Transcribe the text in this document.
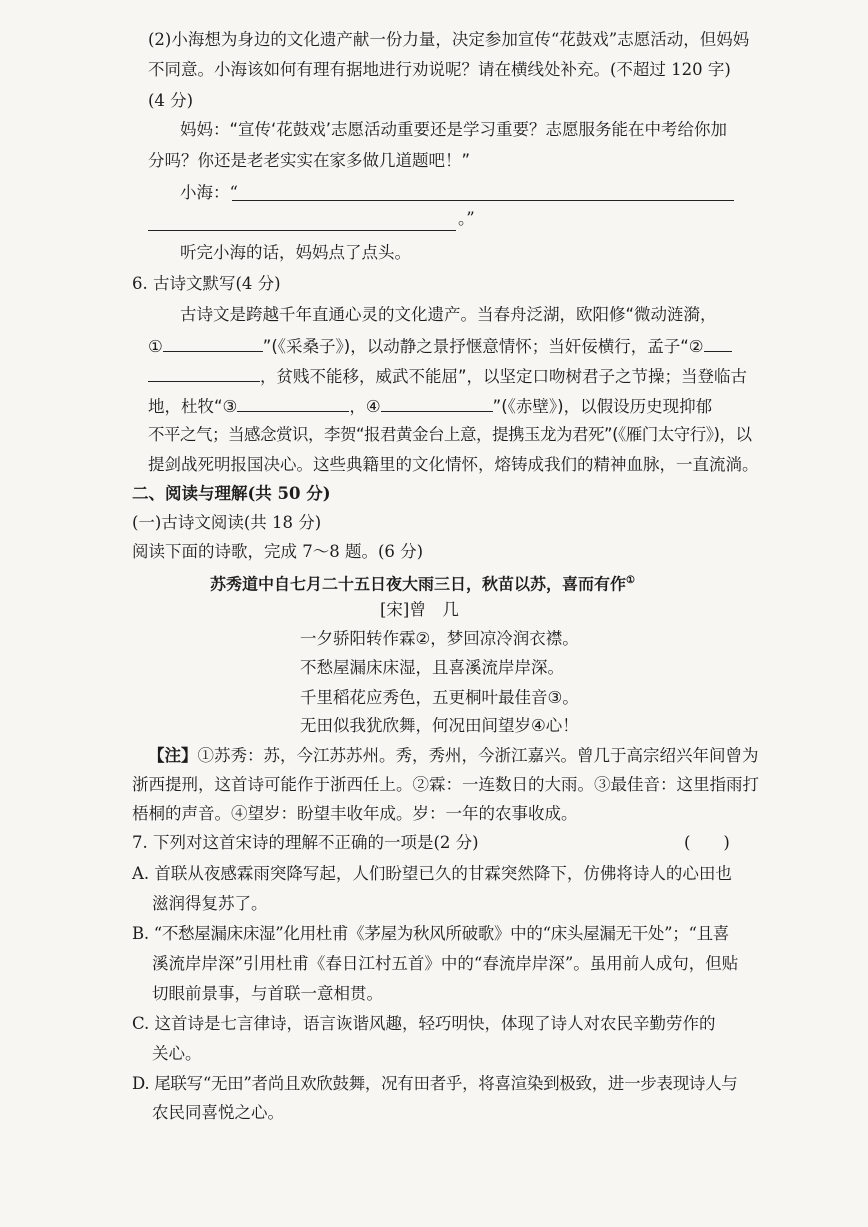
(2)小海想为身边的文化遗产献一份力量，决定参加宣传“花鼓戏”志愿活动，但妈妈
不同意。小海该如何有理有据地进行劝说呢？请在横线处补充。(不超过 120 字)
(4 分)
妈妈：“宣传‘花鼓戏’志愿活动重要还是学习重要？志愿服务能在中考给你加
分吗？你还是老老实实在家多做几道题吧！”
小海：“
。”
听完小海的话，妈妈点了点头。
6. 古诗文默写(4 分)
古诗文是跨越千年直通心灵的文化遗产。当春舟泛湖，欧阳修“微动涟漪，
①	”(《采桑子》)，以动静之景抒惬意情怀；当奸佞横行，孟子“②
，贫贱不能移，威武不能屈”，以坚定口吻树君子之节操；当登临古
地，杜牧“③	，④	”(《赤壁》)，以假设历史现抑郁
不平之气；当感念赏识，李贺“报君黄金台上意，提携玉龙为君死”(《雁门太守行》)，以
提剑战死明报国决心。这些典籍里的文化情怀，熔铸成我们的精神血脉，一直流淌。
二、阅读与理解(共 50 分)
(一)古诗文阅读(共 18 分)
阅读下面的诗歌，完成 7～8 题。(6 分)
苏秀道中自七月二十五日夜大雨三日，秋苗以苏，喜而有作①
[宋]曾　几
一夕骄阳转作霖②，梦回凉冷润衣襟。
不愁屋漏床床湿，且喜溪流岸岸深。
千里稻花应秀色，五更桐叶最佳音③。
无田似我犹欣舞，何况田间望岁④心！
【注】①苏秀：苏，今江苏苏州。秀，秀州，今浙江嘉兴。曾几于高宗绍兴年间曾为
浙西提刑，这首诗可能作于浙西任上。②霖：一连数日的大雨。③最佳音：这里指雨打
梧桐的声音。④望岁：盼望丰收年成。岁：一年的农事收成。
7. 下列对这首宋诗的理解不正确的一项是(2 分)	(　　)
A. 首联从夜感霖雨突降写起，人们盼望已久的甘霖突然降下，仿佛将诗人的心田也
滋润得复苏了。
B. “不愁屋漏床床湿”化用杜甫《茅屋为秋风所破歌》中的“床头屋漏无干处”；“且喜
溪流岸岸深”引用杜甫《春日江村五首》中的“春流岸岸深”。虽用前人成句，但贴
切眼前景事，与首联一意相贯。
C. 这首诗是七言律诗，语言诙谐风趣，轻巧明快，体现了诗人对农民辛勤劳作的
关心。
D. 尾联写“无田”者尚且欢欣鼓舞，况有田者乎，将喜渲染到极致，进一步表现诗人与
农民同喜悦之心。
